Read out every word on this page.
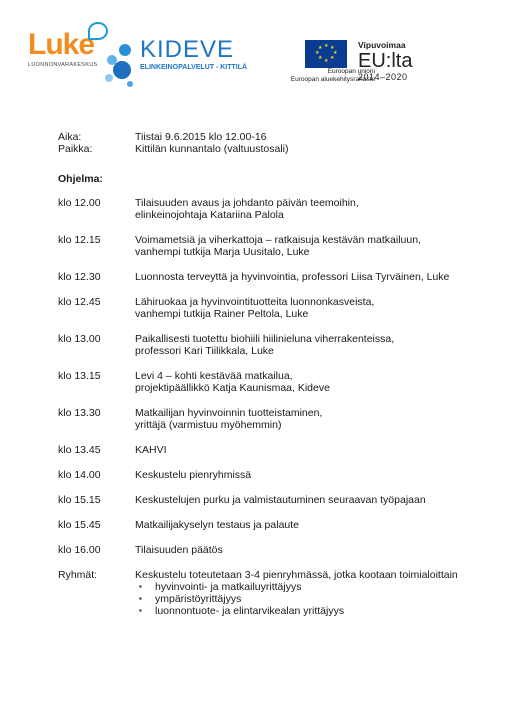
Luke
LUONNONVARAKESKUS
KIDEVE
ELINKEINOPALVELUT - KITTILÄ
★ ★
★
★
★
★
★
★
Euroopan unioni
Euroopan aluekehitysrahasto
Vipuvoimaa
EU:lta
2014–2020
Aika:	Tiistai 9.6.2015 klo 12.00-16
Paikka:	Kittilän kunnantalo (valtuustosali)
Ohjelma:
klo 12.00	Tilaisuuden avaus ja johdanto päivän teemoihin,
elinkeinojohtaja Katariina Palola
klo 12.15	Voimametsiä ja viherkattoja – ratkaisuja kestävän matkailuun,
vanhempi tutkija Marja Uusitalo, Luke
klo 12.30	Luonnosta terveyttä ja hyvinvointia, professori Liisa Tyrväinen, Luke
klo 12.45	Lähiruokaa ja hyvinvointituotteita luonnonkasveista,
vanhempi tutkija Rainer Peltola, Luke
klo 13.00	Paikallisesti tuotettu biohiili hiilinieluna viherrakenteissa,
professori Kari Tiilikkala, Luke
klo 13.15	Levi 4 – kohti kestävää matkailua,
projektipäällikkö Katja Kaunismaa, Kideve
klo 13.30	Matkailijan hyvinvoinnin tuotteistaminen,
yrittäjä (varmistuu myöhemmin)
klo 13.45	KAHVI
klo 14.00	Keskustelu pienryhmissä
klo 15.15	Keskustelujen purku ja valmistautuminen seuraavan työpajaan
klo 15.45	Matkailijakyselyn testaus ja palaute
klo 16.00	Tilaisuuden päätös
Ryhmät:	Keskustelu toteutetaan 3-4 pienryhmässä, jotka kootaan toimialoittain
▪ hyvinvointi- ja matkailuyrittäjyys
▪ ympäristöyrittäjyys
▪ luonnontuote- ja elintarvikealan yrittäjyys
